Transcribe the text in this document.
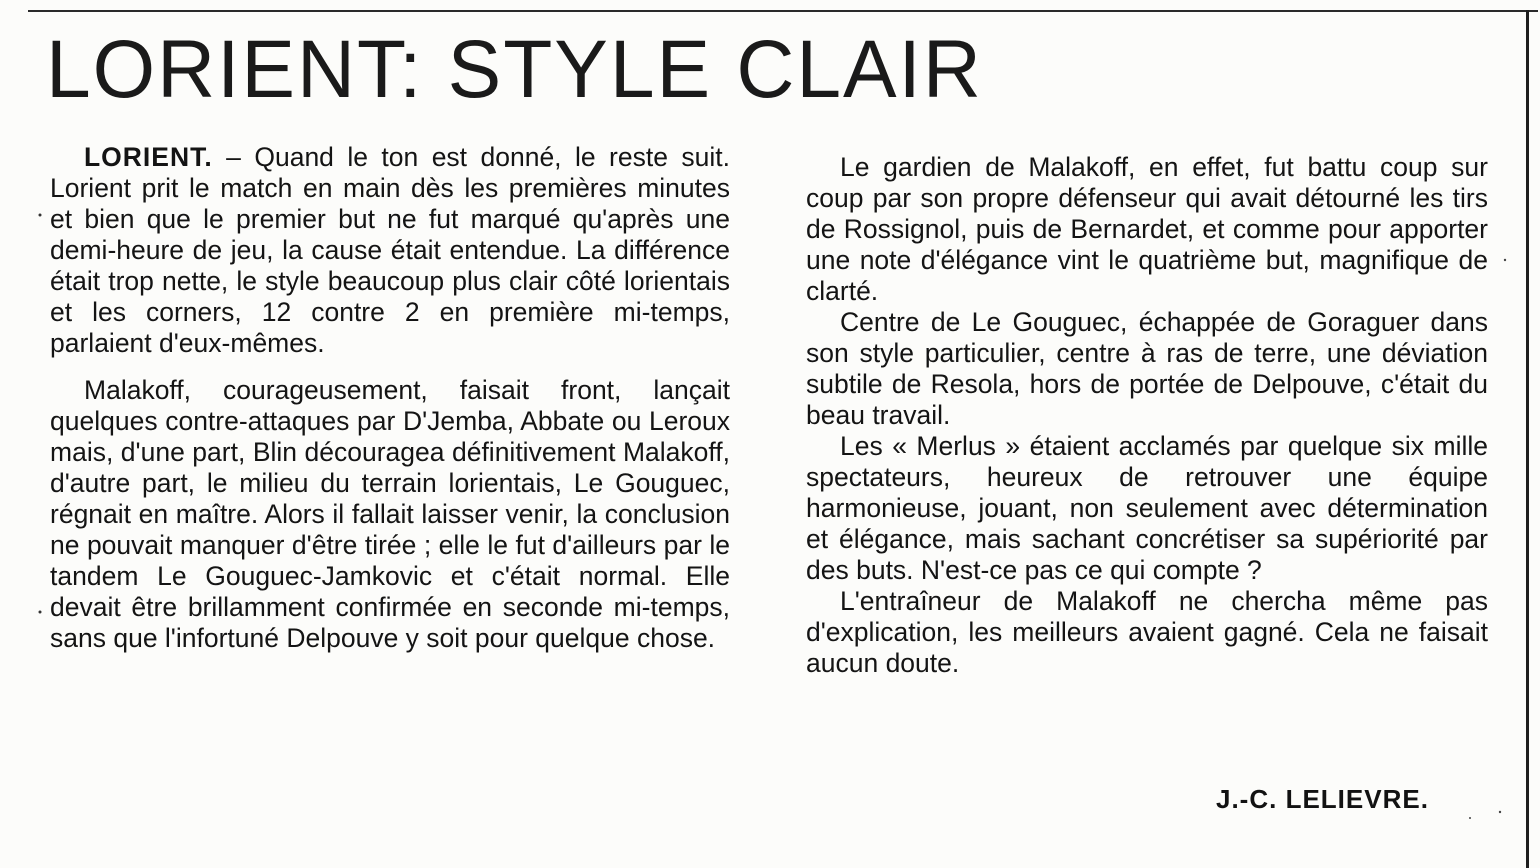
LORIENT: STYLE CLAIR

LORIENT. – Quand le ton est donné, le reste suit. Lorient prit le match en main dès les premières minutes et bien que le premier but ne fut marqué qu'après une demi-heure de jeu, la cause était entendue. La différence était trop nette, le style beaucoup plus clair côté lorientais et les corners, 12 contre 2 en première mi-temps, parlaient d'eux-mêmes.

Malakoff, courageusement, faisait front, lançait quelques contre-attaques par D'Jemba, Abbate ou Leroux mais, d'une part, Blin découragea définitivement Malakoff, d'autre part, le milieu du terrain lorientais, Le Gouguec, régnait en maître. Alors il fallait laisser venir, la conclusion ne pouvait manquer d'être tirée ; elle le fut d'ailleurs par le tandem Le Gouguec-Jamkovic et c'était normal. Elle devait être brillamment confirmée en seconde mi-temps, sans que l'infortuné Delpouve y soit pour quelque chose.

Le gardien de Malakoff, en effet, fut battu coup sur coup par son propre défenseur qui avait détourné les tirs de Rossignol, puis de Bernardet, et comme pour apporter une note d'élégance vint le quatrième but, magnifique de clarté.

Centre de Le Gouguec, échappée de Goraguer dans son style particulier, centre à ras de terre, une déviation subtile de Resola, hors de portée de Delpouve, c'était du beau travail.

Les « Merlus » étaient acclamés par quelque six mille spectateurs, heureux de retrouver une équipe harmonieuse, jouant, non seulement avec détermination et élégance, mais sachant concrétiser sa supériorité par des buts. N'est-ce pas ce qui compte ?

L'entraîneur de Malakoff ne chercha même pas d'explication, les meilleurs avaient gagné. Cela ne faisait aucun doute.

J.-C. LELIEVRE.
